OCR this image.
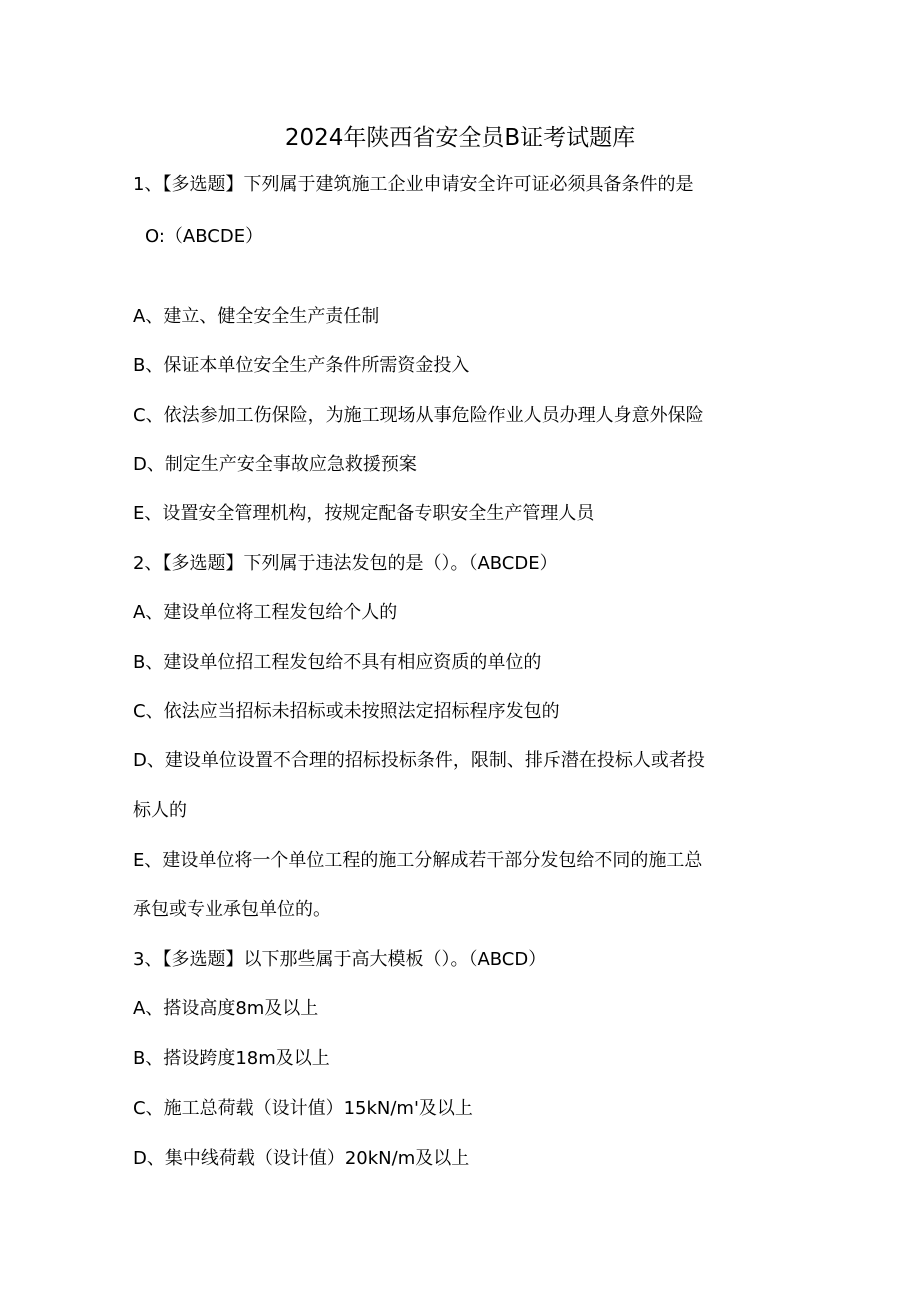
2024年陕西省安全员B证考试题库
1、【多选题】下列属于建筑施工企业申请安全许可证必须具备条件的是
O:（ABCDE）
A、建立、健全安全生产责任制
B、保证本单位安全生产条件所需资金投入
C、依法参加工伤保险，为施工现场从事危险作业人员办理人身意外保险
D、制定生产安全事故应急救援预案
E、设置安全管理机构，按规定配备专职安全生产管理人员
2、【多选题】下列属于违法发包的是（）。（ABCDE）
A、建设单位将工程发包给个人的
B、建设单位招工程发包给不具有相应资质的单位的
C、依法应当招标未招标或未按照法定招标程序发包的
D、建设单位设置不合理的招标投标条件，限制、排斥潜在投标人或者投
标人的
E、建设单位将一个单位工程的施工分解成若干部分发包给不同的施工总
承包或专业承包单位的。
3、【多选题】以下那些属于高大模板（）。（ABCD）
A、搭设高度8m及以上
B、搭设跨度18m及以上
C、施工总荷载（设计值）15kN∕m'及以上
D、集中线荷载（设计值）20kN∕m及以上
